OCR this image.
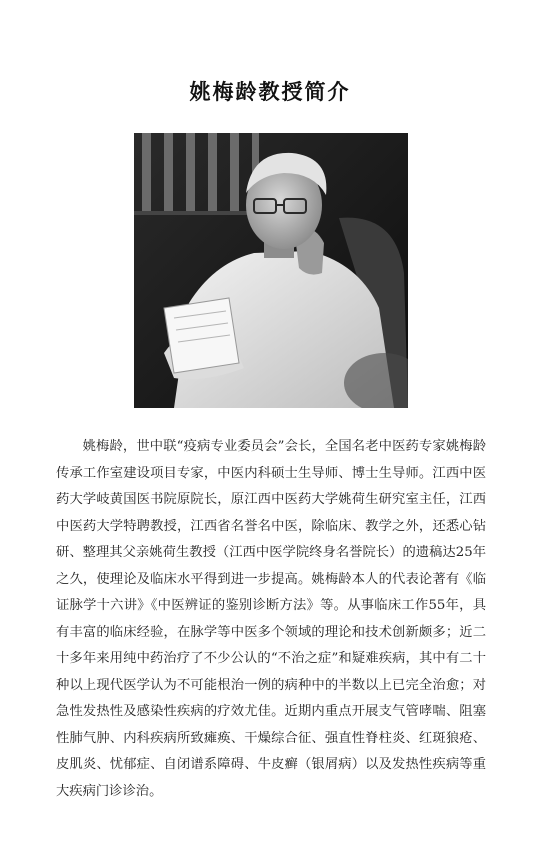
姚梅龄教授简介

姚梅龄，世中联“疫病专业委员会”会长，全国名老中医药专家姚梅龄传承工作室建设项目专家，中医内科硕士生导师、博士生导师。江西中医药大学岐黄国医书院原院长，原江西中医药大学姚荷生研究室主任，江西中医药大学特聘教授，江西省名誉名中医，除临床、教学之外，还悉心钻研、整理其父亲姚荷生教授（江西中医学院终身名誉院长）的遗稿达25年之久，使理论及临床水平得到进一步提高。姚梅龄本人的代表论著有《临证脉学十六讲》《中医辨证的鉴别诊断方法》等。从事临床工作55年，具有丰富的临床经验，在脉学等中医多个领域的理论和技术创新颇多；近二十多年来用纯中药治疗了不少公认的“不治之症”和疑难疾病，其中有二十种以上现代医学认为不可能根治一例的病种中的半数以上已完全治愈；对急性发热性及感染性疾病的疗效尤佳。近期内重点开展支气管哮喘、阻塞性肺气肿、内科疾病所致瘫痪、干燥综合征、强直性脊柱炎、红斑狼疮、皮肌炎、忧郁症、自闭谱系障碍、牛皮癣（银屑病）以及发热性疾病等重大疾病门诊诊治。
